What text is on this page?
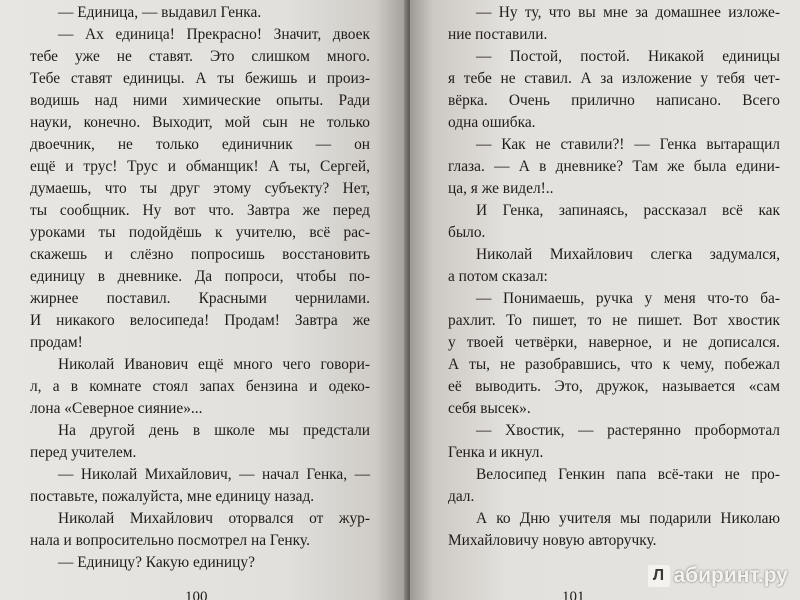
— Единица, — выдавил Генка.

— Ах единица! Прекрасно! Значит, двоек
тебе уже не ставят. Это слишком много.
Тебе ставят единицы. А ты бежишь и произ-
водишь над ними химические опыты. Ради
науки, конечно. Выходит, мой сын не только
двоечник, не только единичник — он
ещё и трус! Трус и обманщик! А ты, Сергей,
думаешь, что ты друг этому субъекту? Нет,
ты сообщник. Ну вот что. Завтра же перед
уроками ты подойдёшь к учителю, всё рас-
скажешь и слёзно попросишь восстановить
единицу в дневнике. Да попроси, чтобы по-
жирнее поставил. Красными чернилами.
И никакого велосипеда! Продам! Завтра же
продам!

Николай Иванович ещё много чего говори-
л, а в комнате стоял запах бензина и одеко-
лона «Северное сияние»...

На другой день в школе мы предстали
перед учителем.

— Николай Михайлович, — начал Генка, —
поставьте, пожалуйста, мне единицу назад.

Николай Михайлович оторвался от жур-
нала и вопросительно посмотрел на Генку.

— Единицу? Какую единицу?

100

— Ну ту, что вы мне за домашнее изложе-
ние поставили.

— Постой, постой. Никакой единицы
я тебе не ставил. А за изложение у тебя чет-
вёрка. Очень прилично написано. Всего
одна ошибка.

— Как не ставили?! — Генка вытаращил
глаза. — А в дневнике? Там же была едини-
ца, я же видел!..

И Генка, запинаясь, рассказал всё как
было.

Николай Михайлович слегка задумался,
а потом сказал:

— Понимаешь, ручка у меня что-то ба-
рахлит. То пишет, то не пишет. Вот хвостик
у твоей четвёрки, наверное, и не дописался.
А ты, не разобравшись, что к чему, побежал
её выводить. Это, дружок, называется «сам
себя высек».

— Хвостик, — растерянно пробормотал
Генка и икнул.

Велосипед Генкин папа всё-таки не про-
дал.

А ко Дню учителя мы подарили Николаю
Михайловичу новую авторучку.

101
Л абиринт.ру
